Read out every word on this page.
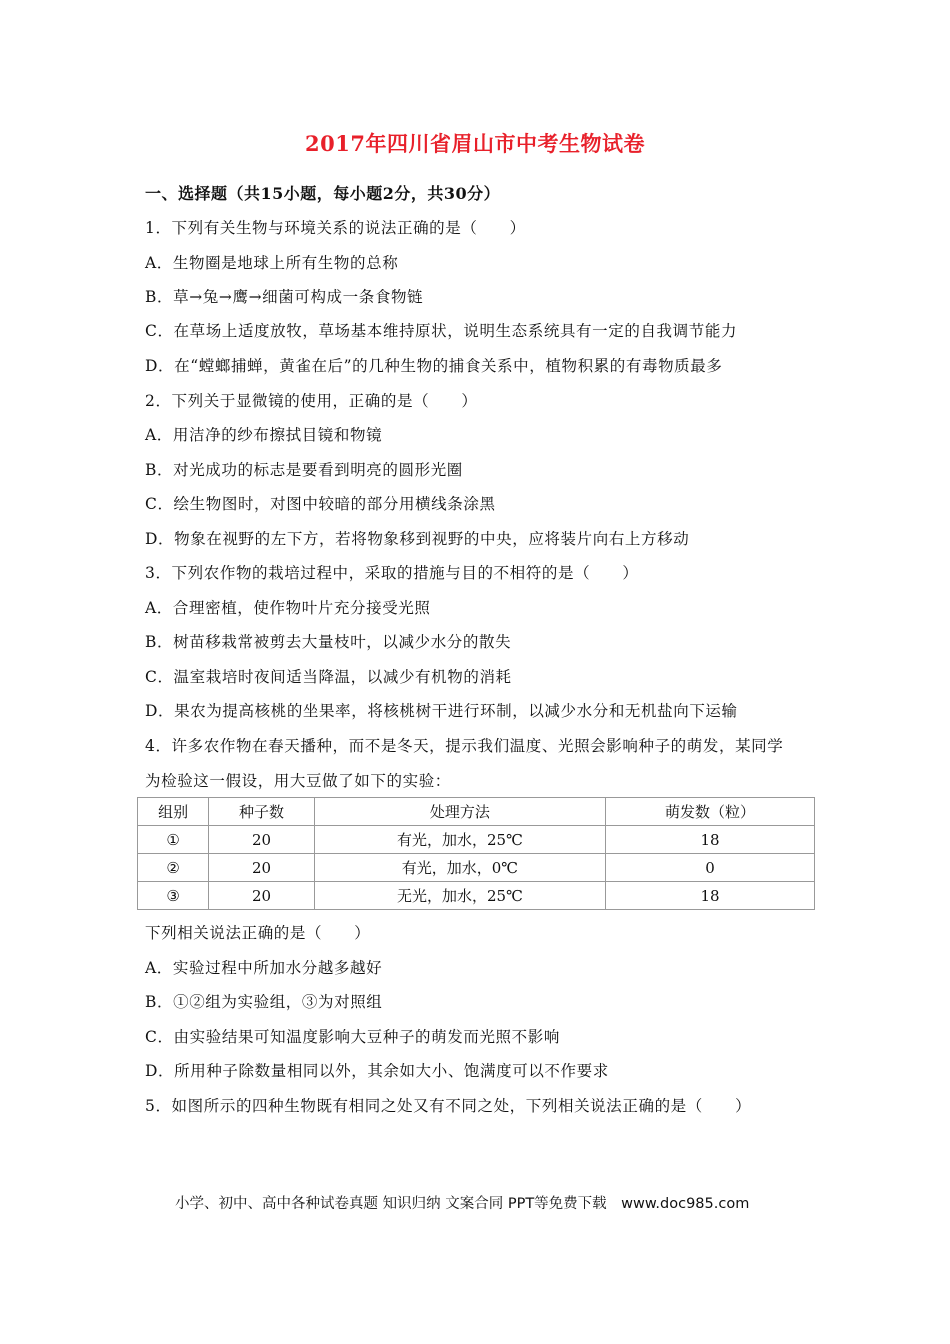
2017年四川省眉山市中考生物试卷
一、选择题（共15小题，每小题2分，共30分）
1．下列有关生物与环境关系的说法正确的是（　　）
A．生物圈是地球上所有生物的总称
B．草→兔→鹰→细菌可构成一条食物链
C．在草场上适度放牧，草场基本维持原状，说明生态系统具有一定的自我调节能力
D．在“螳螂捕蝉，黄雀在后”的几种生物的捕食关系中，植物积累的有毒物质最多
2．下列关于显微镜的使用，正确的是（　　）
A．用洁净的纱布擦拭目镜和物镜
B．对光成功的标志是要看到明亮的圆形光圈
C．绘生物图时，对图中较暗的部分用横线条涂黑
D．物象在视野的左下方，若将物象移到视野的中央，应将装片向右上方移动
3．下列农作物的栽培过程中，采取的措施与目的不相符的是（　　）
A．合理密植，使作物叶片充分接受光照
B．树苗移栽常被剪去大量枝叶，以减少水分的散失
C．温室栽培时夜间适当降温，以减少有机物的消耗
D．果农为提高核桃的坐果率，将核桃树干进行环制，以减少水分和无机盐向下运输
4．许多农作物在春天播种，而不是冬天，提示我们温度、光照会影响种子的萌发，某同学
为检验这一假设，用大豆做了如下的实验：
组别	种子数	处理方法	萌发数（粒）
①	20	有光，加水，25℃	18
②	20	有光，加水，0℃	0
③	20	无光，加水，25℃	18
下列相关说法正确的是（　　）
A．实验过程中所加水分越多越好
B．①②组为实验组，③为对照组
C．由实验结果可知温度影响大豆种子的萌发而光照不影响
D．所用种子除数量相同以外，其余如大小、饱满度可以不作要求
5．如图所示的四种生物既有相同之处又有不同之处，下列相关说法正确的是（　　）
小学、初中、高中各种试卷真题 知识归纳 文案合同 PPT等免费下载　www.doc985.com
